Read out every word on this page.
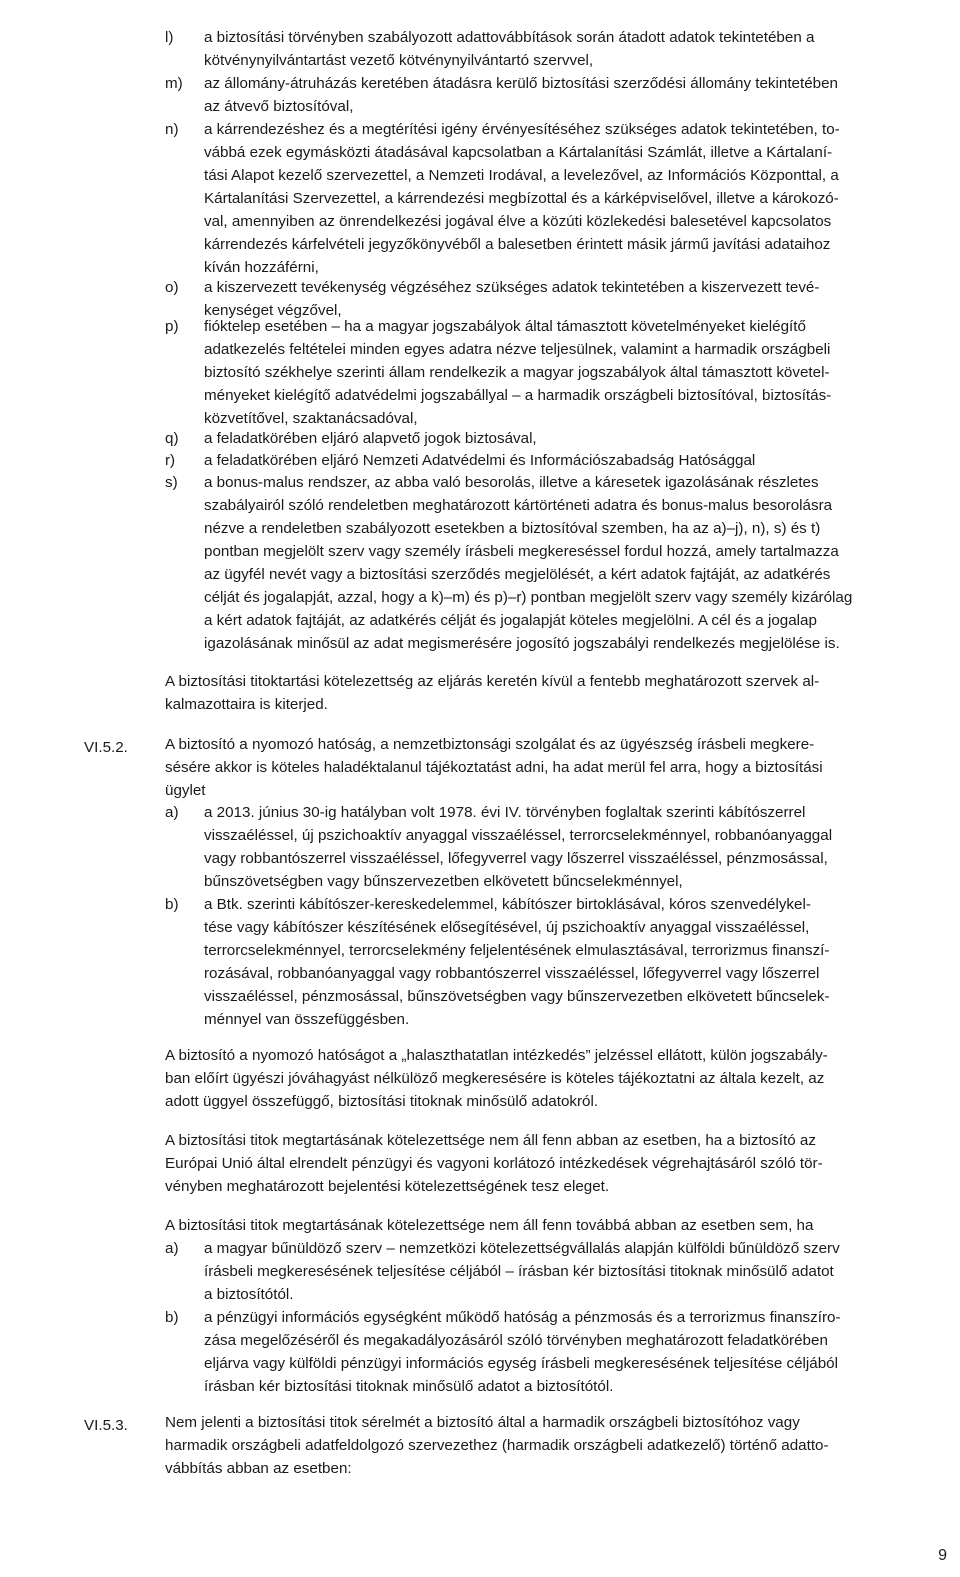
l) a biztosítási törvényben szabályozott adattovábbítások során átadott adatok tekintetében a
kötvénynyilvántartást vezető kötvénynyilvántartó szervvel,
m) az állomány-átruházás keretében átadásra kerülő biztosítási szerződési állomány tekintetében
az átvevő biztosítóval,
n) a kárrendezéshez és a megtérítési igény érvényesítéséhez szükséges adatok tekintetében, to-
vábbá ezek egymásközti átadásával kapcsolatban a Kártalanítási Számlát, illetve a Kártalaní-
tási Alapot kezelő szervezettel, a Nemzeti Irodával, a levelezővel, az Információs Központtal, a
Kártalanítási Szervezettel, a kárrendezési megbízottal és a kárképviselővel, illetve a károkozó-
val, amennyiben az önrendelkezési jogával élve a közúti közlekedési balesetével kapcsolatos
kárrendezés kárfelvételi jegyzőkönyvéből a balesetben érintett másik jármű javítási adataihoz
kíván hozzáférni,
o) a kiszervezett tevékenység végzéséhez szükséges adatok tekintetében a kiszervezett tevé-
kenységet végzővel,
p) fióktelep esetében – ha a magyar jogszabályok által támasztott követelményeket kielégítő
adatkezelés feltételei minden egyes adatra nézve teljesülnek, valamint a harmadik országbeli
biztosító székhelye szerinti állam rendelkezik a magyar jogszabályok által támasztott követel-
ményeket kielégítő adatvédelmi jogszabállyal – a harmadik országbeli biztosítóval, biztosítás-
közvetítővel, szaktanácsadóval,
q) a feladatkörében eljáró alapvető jogok biztosával,
r) a feladatkörében eljáró Nemzeti Adatvédelmi és Információszabadság Hatósággal
s) a bonus-malus rendszer, az abba való besorolás, illetve a káresetek igazolásának részletes
szabályairól szóló rendeletben meghatározott kártörténeti adatra és bonus-malus besorolásra
nézve a rendeletben szabályozott esetekben a biztosítóval szemben, ha az a)–j), n), s) és t)
pontban megjelölt szerv vagy személy írásbeli megkereséssel fordul hozzá, amely tartalmazza
az ügyfél nevét vagy a biztosítási szerződés megjelölését, a kért adatok fajtáját, az adatkérés
célját és jogalapját, azzal, hogy a k)–m) és p)–r) pontban megjelölt szerv vagy személy kizárólag
a kért adatok fajtáját, az adatkérés célját és jogalapját köteles megjelölni. A cél és a jogalap
igazolásának minősül az adat megismerésére jogosító jogszabályi rendelkezés megjelölése is.
A biztosítási titoktartási kötelezettség az eljárás keretén kívül a fentebb meghatározott szervek al-
kalmazottaira is kiterjed.
A biztosító a nyomozó hatóság, a nemzetbiztonsági szolgálat és az ügyészség írásbeli megkere-
sésére akkor is köteles haladéktalanul tájékoztatást adni, ha adat merül fel arra, hogy a biztosítási
ügylet
a) a 2013. június 30-ig hatályban volt 1978. évi IV. törvényben foglaltak szerinti kábítószerrel
visszaéléssel, új pszichoaktív anyaggal visszaéléssel, terrorcselekménnyel, robbanóanyaggal
vagy robbantószerrel visszaéléssel, lőfegyverrel vagy lőszerrel visszaéléssel, pénzmosással,
bűnszövetségben vagy bűnszervezetben elkövetett bűncselekménnyel,
b) a Btk. szerinti kábítószer-kereskedelemmel, kábítószer birtoklásával, kóros szenvedélykel-
tése vagy kábítószer készítésének elősegítésével, új pszichoaktív anyaggal visszaéléssel,
terrorcselekménnyel, terrorcselekmény feljelentésének elmulasztásával, terrorizmus finanszí-
rozásával, robbanóanyaggal vagy robbantószerrel visszaéléssel, lőfegyverrel vagy lőszerrel
visszaéléssel, pénzmosással, bűnszövetségben vagy bűnszervezetben elkövetett bűncselek-
ménnyel van összefüggésben.
A biztosító a nyomozó hatóságot a „halaszthatatlan intézkedés” jelzéssel ellátott, külön jogszabály-
ban előírt ügyészi jóváhagyást nélkülöző megkeresésére is köteles tájékoztatni az általa kezelt, az
adott üggyel összefüggő, biztosítási titoknak minősülő adatokról.
A biztosítási titok megtartásának kötelezettsége nem áll fenn abban az esetben, ha a biztosító az
Európai Unió által elrendelt pénzügyi és vagyoni korlátozó intézkedések végrehajtásáról szóló tör-
vényben meghatározott bejelentési kötelezettségének tesz eleget.
A biztosítási titok megtartásának kötelezettsége nem áll fenn továbbá abban az esetben sem, ha
a) a magyar bűnüldöző szerv – nemzetközi kötelezettségvállalás alapján külföldi bűnüldöző szerv
írásbeli megkeresésének teljesítése céljából – írásban kér biztosítási titoknak minősülő adatot
a biztosítótól.
b) a pénzügyi információs egységként működő hatóság a pénzmosás és a terrorizmus finanszíro-
zása megelőzéséről és megakadályozásáról szóló törvényben meghatározott feladatkörében
eljárva vagy külföldi pénzügyi információs egység írásbeli megkeresésének teljesítése céljából
írásban kér biztosítási titoknak minősülő adatot a biztosítótól.
Nem jelenti a biztosítási titok sérelmét a biztosító által a harmadik országbeli biztosítóhoz vagy
harmadik országbeli adatfeldolgozó szervezethez (harmadik országbeli adatkezelő) történő adatto-
vábbítás abban az esetben:
VI.5.2.
VI.5.3.
9
